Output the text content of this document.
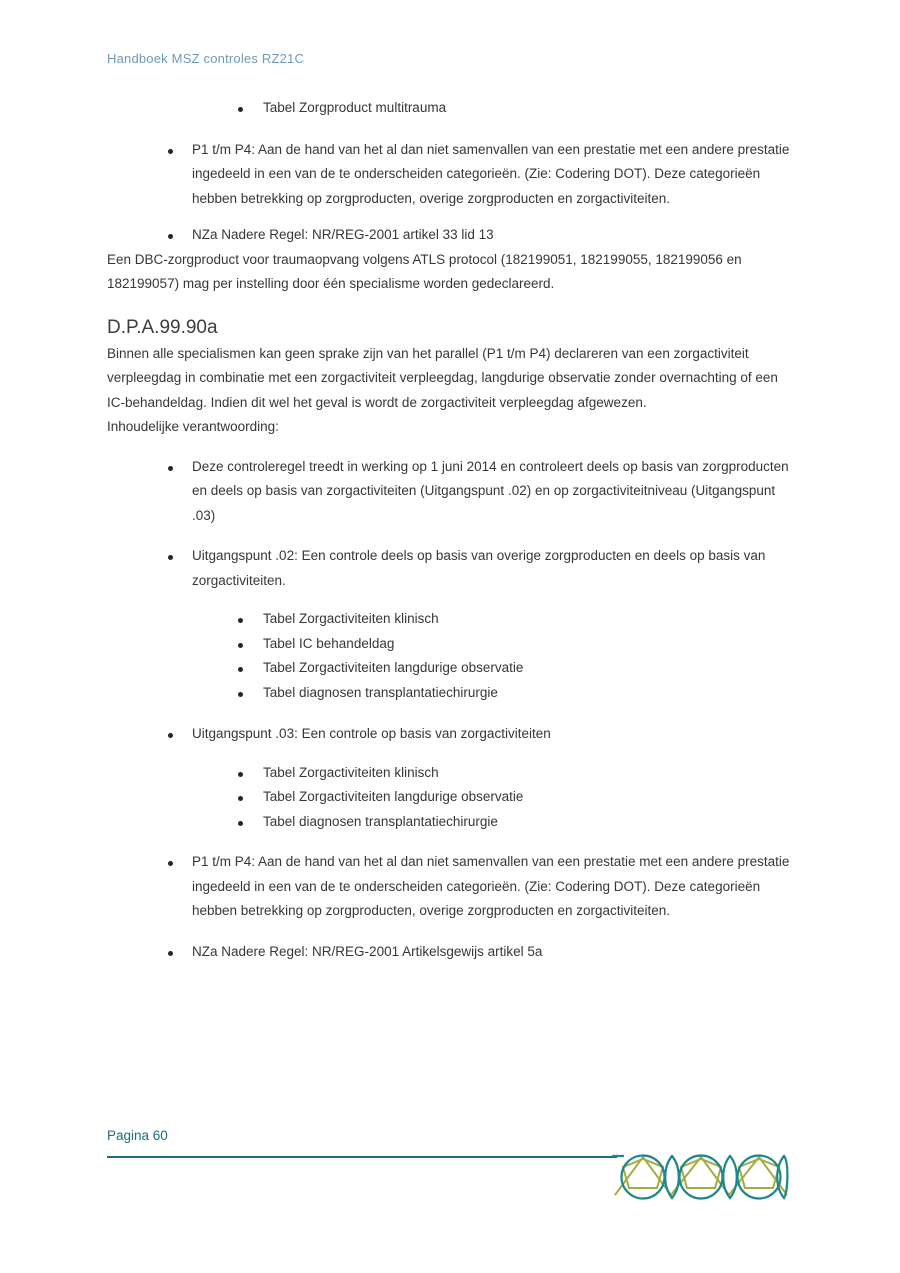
Handboek MSZ controles RZ21C
Tabel Zorgproduct multitrauma
P1 t/m P4: Aan de hand van het al dan niet samenvallen van een prestatie met een andere prestatie ingedeeld in een van de te onderscheiden categorieën. (Zie: Codering DOT). Deze categorieën hebben betrekking op zorgproducten, overige zorgproducten en zorgactiviteiten.
NZa Nadere Regel: NR/REG-2001 artikel 33 lid 13

Een DBC-zorgproduct voor traumaopvang volgens ATLS protocol (182199051, 182199055, 182199056 en 182199057) mag per instelling door één specialisme worden gedeclareerd.

D.P.A.99.90a

Binnen alle specialismen kan geen sprake zijn van het parallel (P1 t/m P4) declareren van een zorgactiviteit verpleegdag in combinatie met een zorgactiviteit verpleegdag, langdurige observatie zonder overnachting of een IC-behandeldag. Indien dit wel het geval is wordt de zorgactiviteit verpleegdag afgewezen.

Inhoudelijke verantwoording:

Deze controleregel treedt in werking op 1 juni 2014 en controleert deels op basis van zorgproducten en deels op basis van zorgactiviteiten (Uitgangspunt .02) en op zorgactiviteitniveau (Uitgangspunt .03)
Uitgangspunt .02: Een controle deels op basis van overige zorgproducten en deels op basis van zorgactiviteiten.
Tabel Zorgactiviteiten klinisch
Tabel IC behandeldag
Tabel Zorgactiviteiten langdurige observatie
Tabel diagnosen transplantatiechirurgie
Uitgangspunt .03: Een controle op basis van zorgactiviteiten
Tabel Zorgactiviteiten klinisch
Tabel Zorgactiviteiten langdurige observatie
Tabel diagnosen transplantatiechirurgie
P1 t/m P4: Aan de hand van het al dan niet samenvallen van een prestatie met een andere prestatie ingedeeld in een van de te onderscheiden categorieën. (Zie: Codering DOT). Deze categorieën hebben betrekking op zorgproducten, overige zorgproducten en zorgactiviteiten.
NZa Nadere Regel: NR/REG-2001 Artikelsgewijs artikel 5a
Pagina 60
